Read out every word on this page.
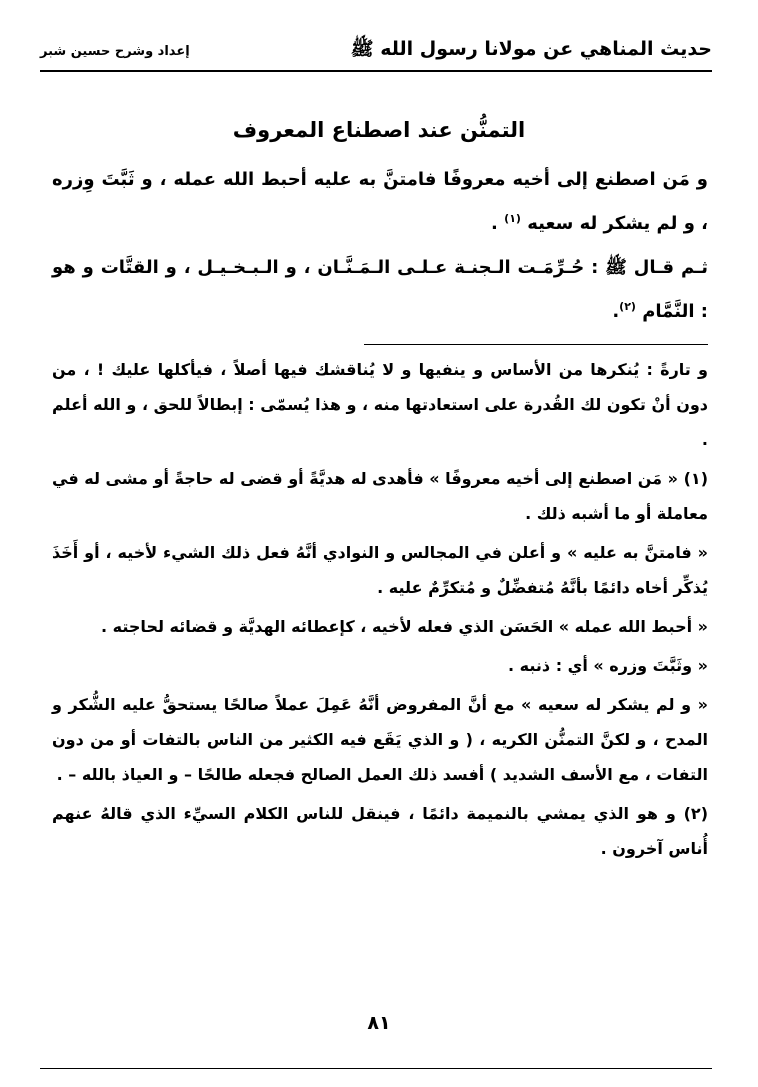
حديث المناهي عن مولانا رسول الله ﷺ
إعداد وشرح حسين شبر
التمنُّن عند اصطناع المعروف

و مَن اصطنع إلى أخيه معروفًا فامتنَّ به عليه أحبط الله عمله ، و ثَبَّتَ وِزره ، و لم يشكر له سعيه $^{(١)}$ .

ثـم قـال ﷺ : حُـرِّمَـت الـجنـة عـلـى الـمَـنَّـان ، و الـبـخـيـل ، و القتَّات و هو : النَّمَّام $^{(٢)}$.

و تارةً : يُنكرها من الأساس و ينفيها و لا يُناقشك فيها أصلاً ، فيأكلها عليك ! ، من دون أنْ تكون لك القُدرة على استعادتها منه ، و هذا يُسمّى : إبطالاً للحق ، و الله أعلم .

(١) « مَن اصطنع إلى أخيه معروفًا » فأهدى له هديَّةً أو قضى له حاجةً أو مشى له في معاملة أو ما أشبه ذلك .

« فامتنَّ به عليه » و أعلن في المجالس و النوادي أنَّهُ فعل ذلك الشيء لأخيه ، أو أَخَذَ يُذكِّر أخاه دائمًا بأنَّهُ مُتفضِّلٌ و مُتكرِّمٌ عليه .

« أحبط الله عمله » الحَسَن الذي فعله لأخيه ، كإعطائه الهديَّة و قضائه لحاجته .

« وثَبَّتَ وزره » أي : ذنبه .

« و لم يشكر له سعيه » مع أنَّ المفروض أنَّهُ عَمِلَ عملاً صالحًا يستحقُّ عليه الشُّكر و المدح ، و لكنَّ التمنُّن الكريه ، ( و الذي يَقَع فيه الكثير من الناس بالتفات أو من دون التفات ، مع الأسف الشديد ) أفسد ذلك العمل الصالح فجعله طالحًا – و العياذ بالله – .

(٢) و هو الذي يمشي بالنميمة دائمًا ، فينقل للناس الكلام السيِّء الذي قالهُ عنهم أُناس آخرون .

٨١
